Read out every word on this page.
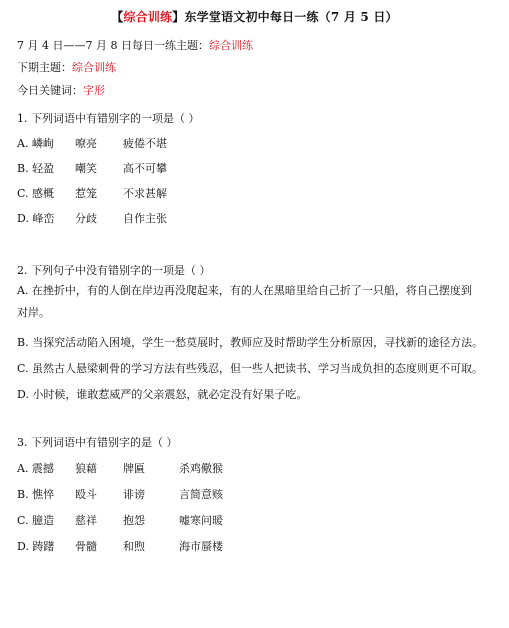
【综合训练】东学堂语文初中每日一练（7 月 5 日）
7 月 4 日——7 月 8 日每日一练主题：综合训练
下期主题：综合训练
今日关键词：字形
1. 下列词语中有错别字的一项是（ ）
A. 嶙峋 嘹亮 疲倦不堪
B. 轻盈 嘲笑 高不可攀
C. 感概 惹笼 不求甚解
D. 峰峦 分歧 自作主张
2. 下列句子中没有错别字的一项是（ ）
A. 在挫折中，有的人倒在岸边再没爬起来，有的人在黑暗里给自己折了一只船，将自己摆度到
对岸。
B. 当探究活动陷入困境，学生一愁莫展时，教师应及时帮助学生分析原因，寻找新的途径方法。
C. 虽然古人悬梁刺骨的学习方法有些残忍，但一些人把读书、学习当成负担的态度则更不可取。
D. 小时候，谁敢惹威严的父亲震怒，就必定没有好果子吃。
3. 下列词语中有错别字的是（ ）
A. 震撼 狼藉 牌匾	杀鸡儆猴
B. 憔悴 殴斗 诽谤	言简意赅
C. 臆造 慈祥 抱怨	嘘寒问暖
D. 踌躇 骨髓 和煦	海市蜃楼
